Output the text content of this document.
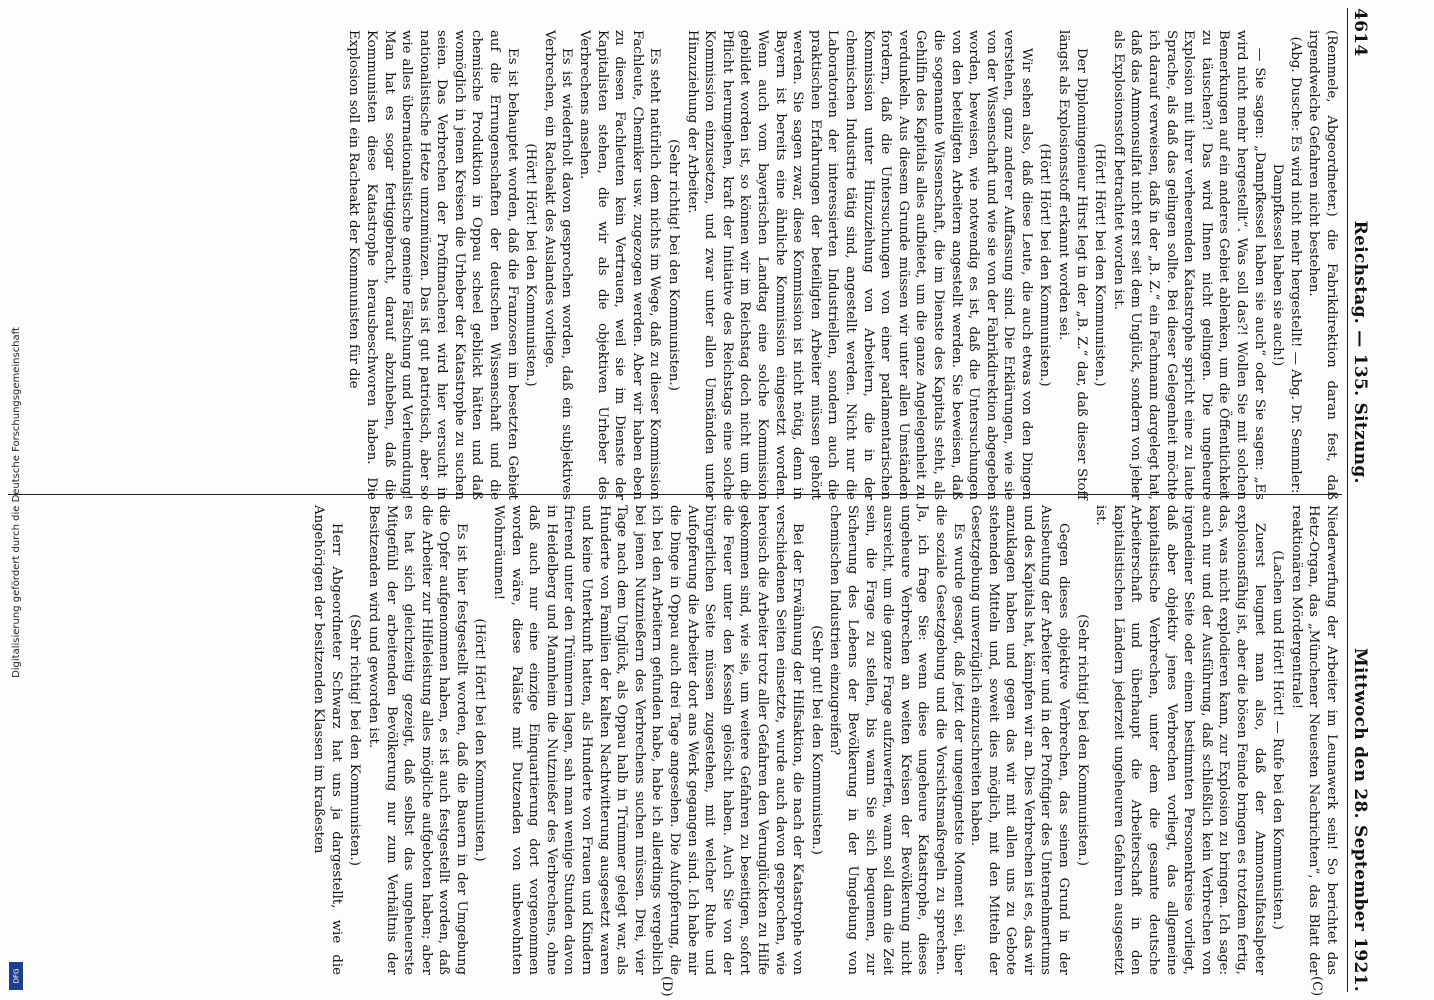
4614
Reichstag. — 135. Sitzung.
Mittwoch den 28. September 1921.
(C)
(D)

(Remmele, Abgeordneter.) die Fabrikdirektion daran fest, daß irgendwelche Gefahren nicht bestehen.

(Abg. Dusche: Es wird nicht mehr hergestellt! — Abg. Dr. Semmler: Dampfkessel haben sie auch!)

— Sie sagen: „Dampfkessel haben sie auch“ oder Sie sagen: „Es wird nicht mehr hergestellt“. Was soll das?! Wollen Sie mit solchen Bemerkungen auf ein anderes Gebiet ablenken, um die Öffentlichkeit zu täuschen?! Das wird Ihnen nicht gelingen. Die ungeheure Explosion mit ihrer verheerenden Katastrophe spricht eine zu laute Sprache, als daß das gelingen sollte. Bei dieser Gelegenheit möchte ich darauf verweisen, daß in der „B. Z.“ ein Fachmann dargelegt hat, daß das Ammonsulfat nicht erst seit dem Unglück, sondern von jeher als Explosionsstoff betrachtet worden ist.

(Hört! Hört! bei den Kommunisten.)

Der Diplomingenieur Hirst legt in der „B. Z.“ dar, daß dieser Stoff längst als Explosionsstoff erkannt worden sei.

(Hört! Hört! bei den Kommunisten.)

Wir sehen also, daß diese Leute, die auch etwas von den Dingen verstehen, ganz anderer Auffassung sind. Die Erklärungen, wie sie von der Wissenschaft und wie sie von der Fabrikdirektion abgegeben worden, beweisen, wie notwendig es ist, daß die Untersuchungen von den beteiligten Arbeitern angestellt werden. Sie beweisen, daß die sogenannte Wissenschaft, die im Dienste des Kapitals steht, als Gehilfin des Kapitals alles aufbietet, um die ganze Angelegenheit zu verdunkeln. Aus diesem Grunde müssen wir unter allen Umständen fordern, daß die Untersuchungen von einer parlamentarischen Kommission unter Hinzuziehung von Arbeitern, die in der chemischen Industrie tätig sind, angestellt werden. Nicht nur die Laboratorien der interessierten Industriellen, sondern auch die praktischen Erfahrungen der beteiligten Arbeiter müssen gehört werden. Sie sagen zwar, diese Kommission ist nicht nötig, denn in Bayern ist bereits eine ähnliche Kommission eingesetzt worden. Wenn auch vom bayerischen Landtag eine solche Kommission gebildet worden ist, so können wir im Reichstag doch nicht um die Pflicht herumgehen, kraft der Initiative des Reichstags eine solche Kommission einzusetzen, und zwar unter allen Umständen unter Hinzuziehung der Arbeiter.

(Sehr richtig! bei den Kommunisten.)

Es steht natürlich dem nichts im Wege, daß zu dieser Kommission Fachleute, Chemiker usw. zugezogen werden. Aber wir haben eben zu diesen Fachleuten kein Vertrauen, weil sie im Dienste der Kapitalisten stehen, die wir als die objektiven Urheber des Verbrechens ansehen.

Es ist wiederholt davon gesprochen worden, daß ein subjektives Verbrechen, ein Racheakt des Auslandes vorliege.

(Hört! Hört! bei den Kommunisten.)

Es ist behauptet worden, daß die Franzosen im besetzten Gebiet auf die Errungenschaften der deutschen Wissenschaft und die chemische Produktion in Oppau scheel geblickt hätten und daß womöglich in jenen Kreisen die Urheber der Katastrophe zu suchen seien. Das Verbrechen der Profitmacherei wird hier versucht in nationalistische Hetze umzumünzen. Das ist gut patriotisch, aber so wie alles übernationalistische gemeine Fälschung und Verleumdung! Man hat es sogar fertiggebracht, darauf abzuheben, daß die Kommunisten diese Katastrophe herausbeschworen haben. Die Explosion soll ein Racheakt der Kommunisten für die

Niederwerfung der Arbeiter im Leunawerk sein! So berichtet das Hetz-Organ, das „Münchener Neuesten Nachrichten“, das Blatt der reaktionären Mördergentrale!

(Lachen und Hört! Hört! — Rufe bei den Kommunisten.)

Zuerst leugnet man also, daß der Ammonsulfatsalpeter explosionsfähig ist, aber die bösen Feinde bringen es trotzdem fertig, das, was nicht explodieren kann, zur Explosion zu bringen. Ich sage: auch nur und der Ausführung, daß schließlich kein Verbrechen von irgendeiner Seite oder einem bestimmten Personenkreise vorliegt, daß aber objektiv jenes Verbrechen vorliegt, das allgemeine kapitalistische Verbrechen, unter dem die gesamte deutsche Arbeiterschaft und überhaupt die Arbeiterschaft in den kapitalistischen Ländern jederzeit ungeheuren Gefahren ausgesetzt ist.

(Sehr richtig! bei den Kommunisten.)

Gegen dieses objektive Verbrechen, das seinen Grund in der Ausbeutung der Arbeiter und in der Profitgier des Unternehmertums und des Kapitals hat, kämpfen wir an. Dies Verbrechen ist es, das wir anzuklagen haben und gegen das wir mit allen uns zu Gebote stehenden Mitteln und, soweit dies möglich, mit den Mitteln der Gesetzgebung unverzüglich einzuschreiten haben.

Es wurde gesagt, daß jetzt der ungeeignetste Moment sei, über die soziale Gesetzgebung und die Vorsichtsmaßregeln zu sprechen. Ja, ich frage Sie: wenn diese ungeheure Katastrophe, dieses ungeheure Verbrechen an weiten Kreisen der Bevölkerung nicht ausreicht, um die ganze Frage aufzuwerfen, wann soll dann die Zeit sein, die Frage zu stellen, bis wann Sie sich bequemen, zur Sicherung des Lebens der Bevölkerung in der Umgebung von chemischen Industrien einzugreifen?

(Sehr gut! bei den Kommunisten.)

Bei der Erwähnung der Hilfsaktion, die nach der Katastrophe von verschiedenen Seiten einsetzte, wurde auch davon gesprochen, wie heroisch die Arbeiter trotz aller Gefahren den Verunglückten zu Hilfe gekommen sind, wie sie, um weitere Gefahren zu beseitigen, sofort die Feuer unter den Kesseln gelöscht haben. Auch Sie von der bürgerlichen Seite müssen zugestehen, mit welcher Ruhe und Aufopferung die Arbeiter dort ans Werk gegangen sind. Ich habe mir die Dinge in Oppau auch drei Tage angesehen. Die Aufopferung, die ich bei den Arbeitern gefunden habe, habe ich allerdings vergeblich bei jenen Nutznießern des Verbrechens suchen müssen. Drei, vier Tage nach dem Unglück, als Oppau halb in Trümmer gelegt war, als Hunderte von Familien der kalten Nachtwitterung ausgesetzt waren und keine Unterkunft hatten, als Hunderte von Frauen und Kindern frierend unter den Trümmern lagen, sah man wenige Stunden davon in Heidelberg und Mannheim die Nutznießer des Verbrechens, ohne daß auch nur eine einzige Einquartierung dort vorgenommen worden wäre, diese Paläste mit Dutzenden von unbewohnten Wohnräumen!

(Hört! Hört! bei den Kommunisten.)

Es ist hier festgestellt worden, daß die Bauern in der Umgebung die Opfer aufgenommen haben, es ist auch festgestellt worden, daß die Arbeiter zur Hilfeleistung alles mögliche aufgeboten haben; aber es hat sich gleichzeitig gezeigt, daß selbst das ungeheuerste Mitgefühl der arbeitenden Bevölkerung nur zum Verhältnis der Besitzenden wird und geworden ist.

(Sehr richtig! bei den Kommunisten.)

Herr Abgeordneter Schwarz hat uns ja dargestellt, wie die Angehörigen der besitzenden Klassen im kraßesten

Digitalisierung gefördert durch die Deutsche Forschungsgemeinschaft
DFG
